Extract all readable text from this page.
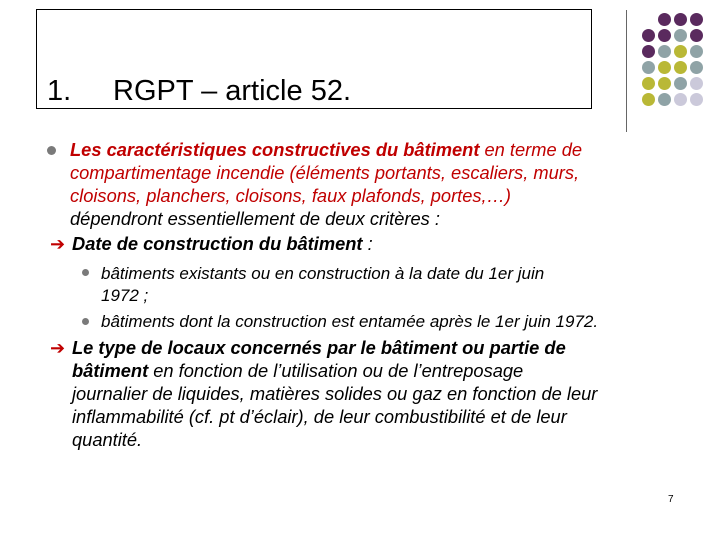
1. RGPT – article 52.
Les caractéristiques constructives du bâtiment en terme de
compartimentage incendie (éléments portants, escaliers, murs,
cloisons, planchers, cloisons, faux plafonds, portes,…)
dépendront essentiellement de deux critères :
➔ Date de construction du bâtiment :
bâtiments existants ou en construction à la date du 1er juin
1972 ;
bâtiments dont la construction est entamée après le 1er juin 1972.
➔ Le type de locaux concernés par le bâtiment ou partie de
bâtiment en fonction de l’utilisation ou de l’entreposage
journalier de liquides, matières solides ou gaz en fonction de leur
inflammabilité (cf. pt d’éclair), de leur combustibilité et de leur
quantité.
7
